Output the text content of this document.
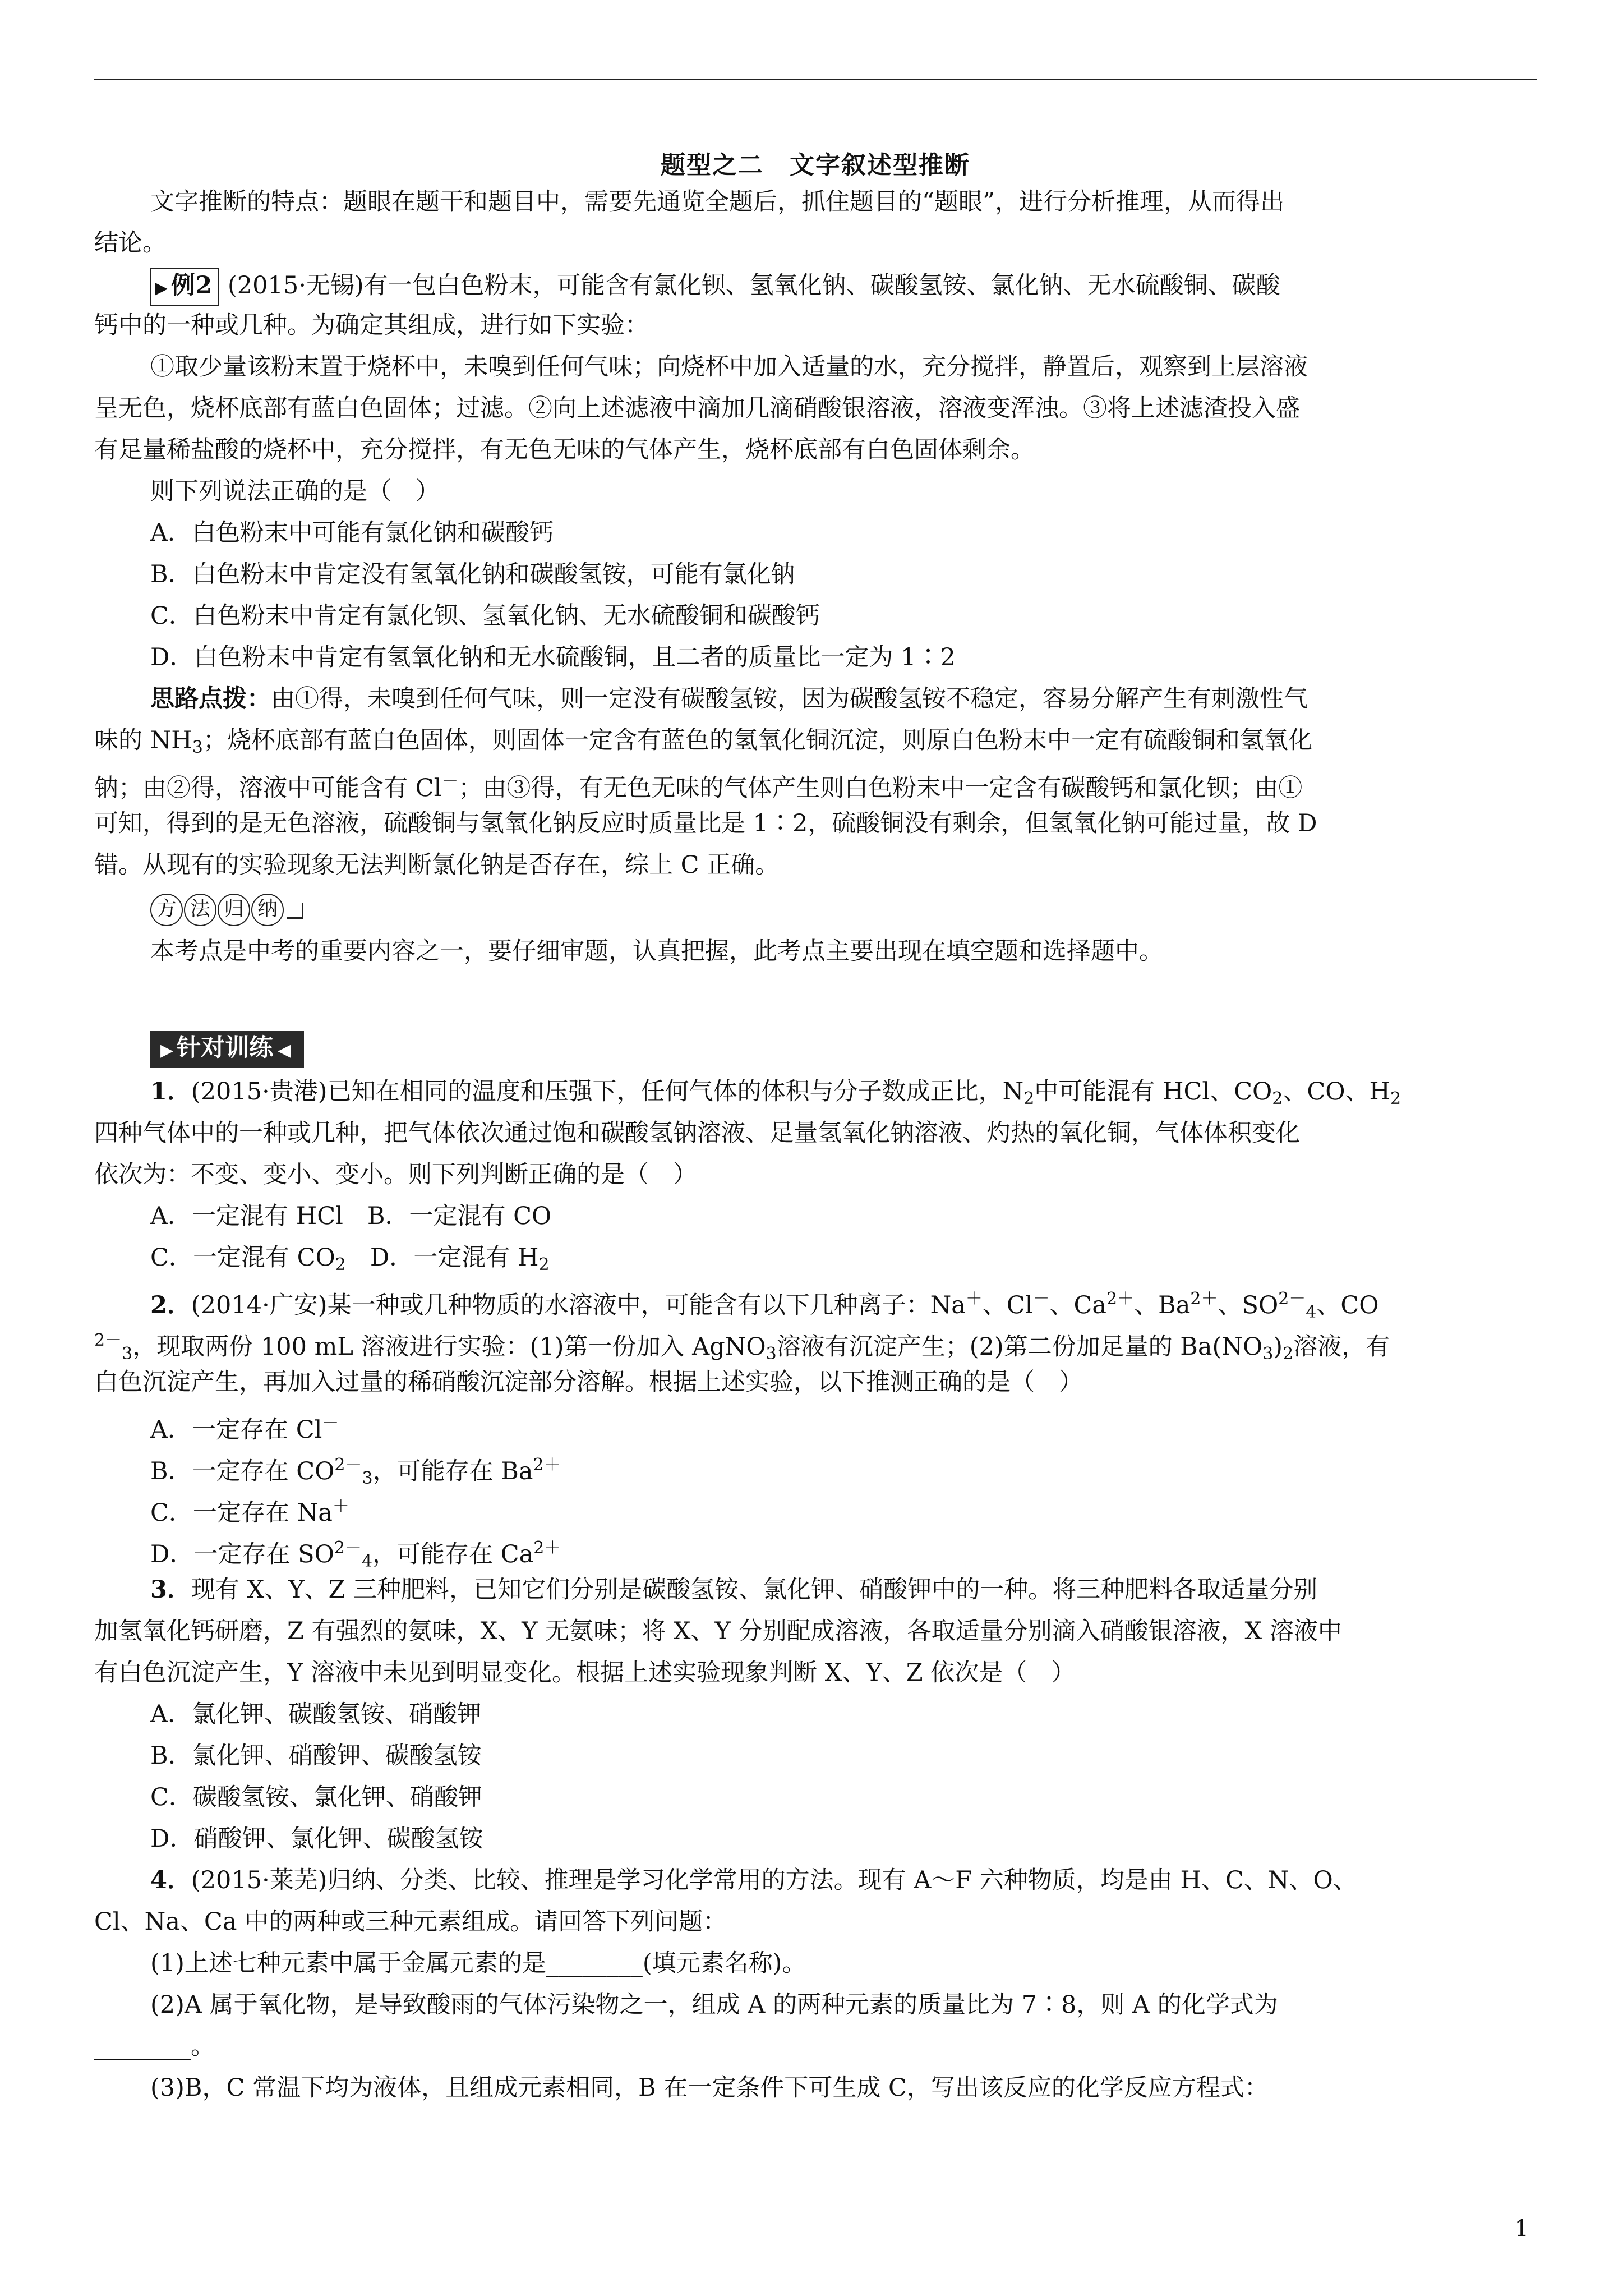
题型之二　文字叙述型推断
文字推断的特点：题眼在题干和题目中，需要先通览全题后，抓住题目的“题眼”，进行分析推理，从而得出
结论。
▶ 例2 (2015·无锡)有一包白色粉末，可能含有氯化钡、氢氧化钠、碳酸氢铵、氯化钠、无水硫酸铜、碳酸
钙中的一种或几种。为确定其组成，进行如下实验：
①取少量该粉末置于烧杯中，未嗅到任何气味；向烧杯中加入适量的水，充分搅拌，静置后，观察到上层溶液
呈无色，烧杯底部有蓝白色固体；过滤。②向上述滤液中滴加几滴硝酸银溶液，溶液变浑浊。③将上述滤渣投入盛
有足量稀盐酸的烧杯中，充分搅拌，有无色无味的气体产生，烧杯底部有白色固体剩余。
则下列说法正确的是（　）
A．白色粉末中可能有氯化钠和碳酸钙
B．白色粉末中肯定没有氢氧化钠和碳酸氢铵，可能有氯化钠
C．白色粉末中肯定有氯化钡、氢氧化钠、无水硫酸铜和碳酸钙
D．白色粉末中肯定有氢氧化钠和无水硫酸铜，且二者的质量比一定为 1∶2
思路点拨：由①得，未嗅到任何气味，则一定没有碳酸氢铵，因为碳酸氢铵不稳定，容易分解产生有刺激性气
味的 $NH_3$；烧杯底部有蓝白色固体，则固体一定含有蓝色的氢氧化铜沉淀，则原白色粉末中一定有硫酸铜和氢氧化
钠；由②得，溶液中可能含有 Cl－；由③得，有无色无味的气体产生则白色粉末中一定含有碳酸钙和氯化钡；由①
可知，得到的是无色溶液，硫酸铜与氢氧化钠反应时质量比是 1∶2，硫酸铜没有剩余，但氢氧化钠可能过量，故 D
错。从现有的实验现象无法判断氯化钠是否存在，综上 C 正确。
方 法 归 纳
本考点是中考的重要内容之一，要仔细审题，认真把握，此考点主要出现在填空题和选择题中。
▶ 针对训练 ◀
1．(2015·贵港)已知在相同的温度和压强下，任何气体的体积与分子数成正比，$N_2$中可能混有 HCl、$CO_2$、CO、$H_2$
四种气体中的一种或几种，把气体依次通过饱和碳酸氢钠溶液、足量氢氧化钠溶液、灼热的氧化铜，气体体积变化
依次为：不变、变小、变小。则下列判断正确的是（　）
A．一定混有 HCl　B．一定混有 CO
C．一定混有 $CO_2$　D．一定混有 $H_2$
2．(2014·广安)某一种或几种物质的水溶液中，可能含有以下几种离子：Na＋、Cl－、$Ca^{2+}$、$Ba^{2+}$、$SO^{2-}_4$、CO
$^{2-}_3$，现取两份 100 mL 溶液进行实验：(1)第一份加入 AgNO$_3$溶液有沉淀产生；(2)第二份加足量的 $Ba(NO_3)_2$溶液，有
白色沉淀产生，再加入过量的稀硝酸沉淀部分溶解。根据上述实验，以下推测正确的是（　）
A．一定存在 Cl－
B．一定存在 $CO^{2-}_3$，可能存在 $Ba^{2+}$
C．一定存在 Na＋
D．一定存在 $SO^{2-}_4$，可能存在 $Ca^{2+}$
3．现有 X、Y、Z 三种肥料，已知它们分别是碳酸氢铵、氯化钾、硝酸钾中的一种。将三种肥料各取适量分别
加氢氧化钙研磨，Z 有强烈的氨味，X、Y 无氨味；将 X、Y 分别配成溶液，各取适量分别滴入硝酸银溶液，X 溶液中
有白色沉淀产生，Y 溶液中未见到明显变化。根据上述实验现象判断 X、Y、Z 依次是（　）
A．氯化钾、碳酸氢铵、硝酸钾
B．氯化钾、硝酸钾、碳酸氢铵
C．碳酸氢铵、氯化钾、硝酸钾
D．硝酸钾、氯化钾、碳酸氢铵
4．(2015·莱芜)归纳、分类、比较、推理是学习化学常用的方法。现有 A～F 六种物质，均是由 H、C、N、O、
Cl、Na、Ca 中的两种或三种元素组成。请回答下列问题：
(1)上述七种元素中属于金属元素的是________(填元素名称)。
(2)A 属于氧化物，是导致酸雨的气体污染物之一，组成 A 的两种元素的质量比为 7∶8，则 A 的化学式为
________。
(3)B，C 常温下均为液体，且组成元素相同，B 在一定条件下可生成 C，写出该反应的化学反应方程式：
1
